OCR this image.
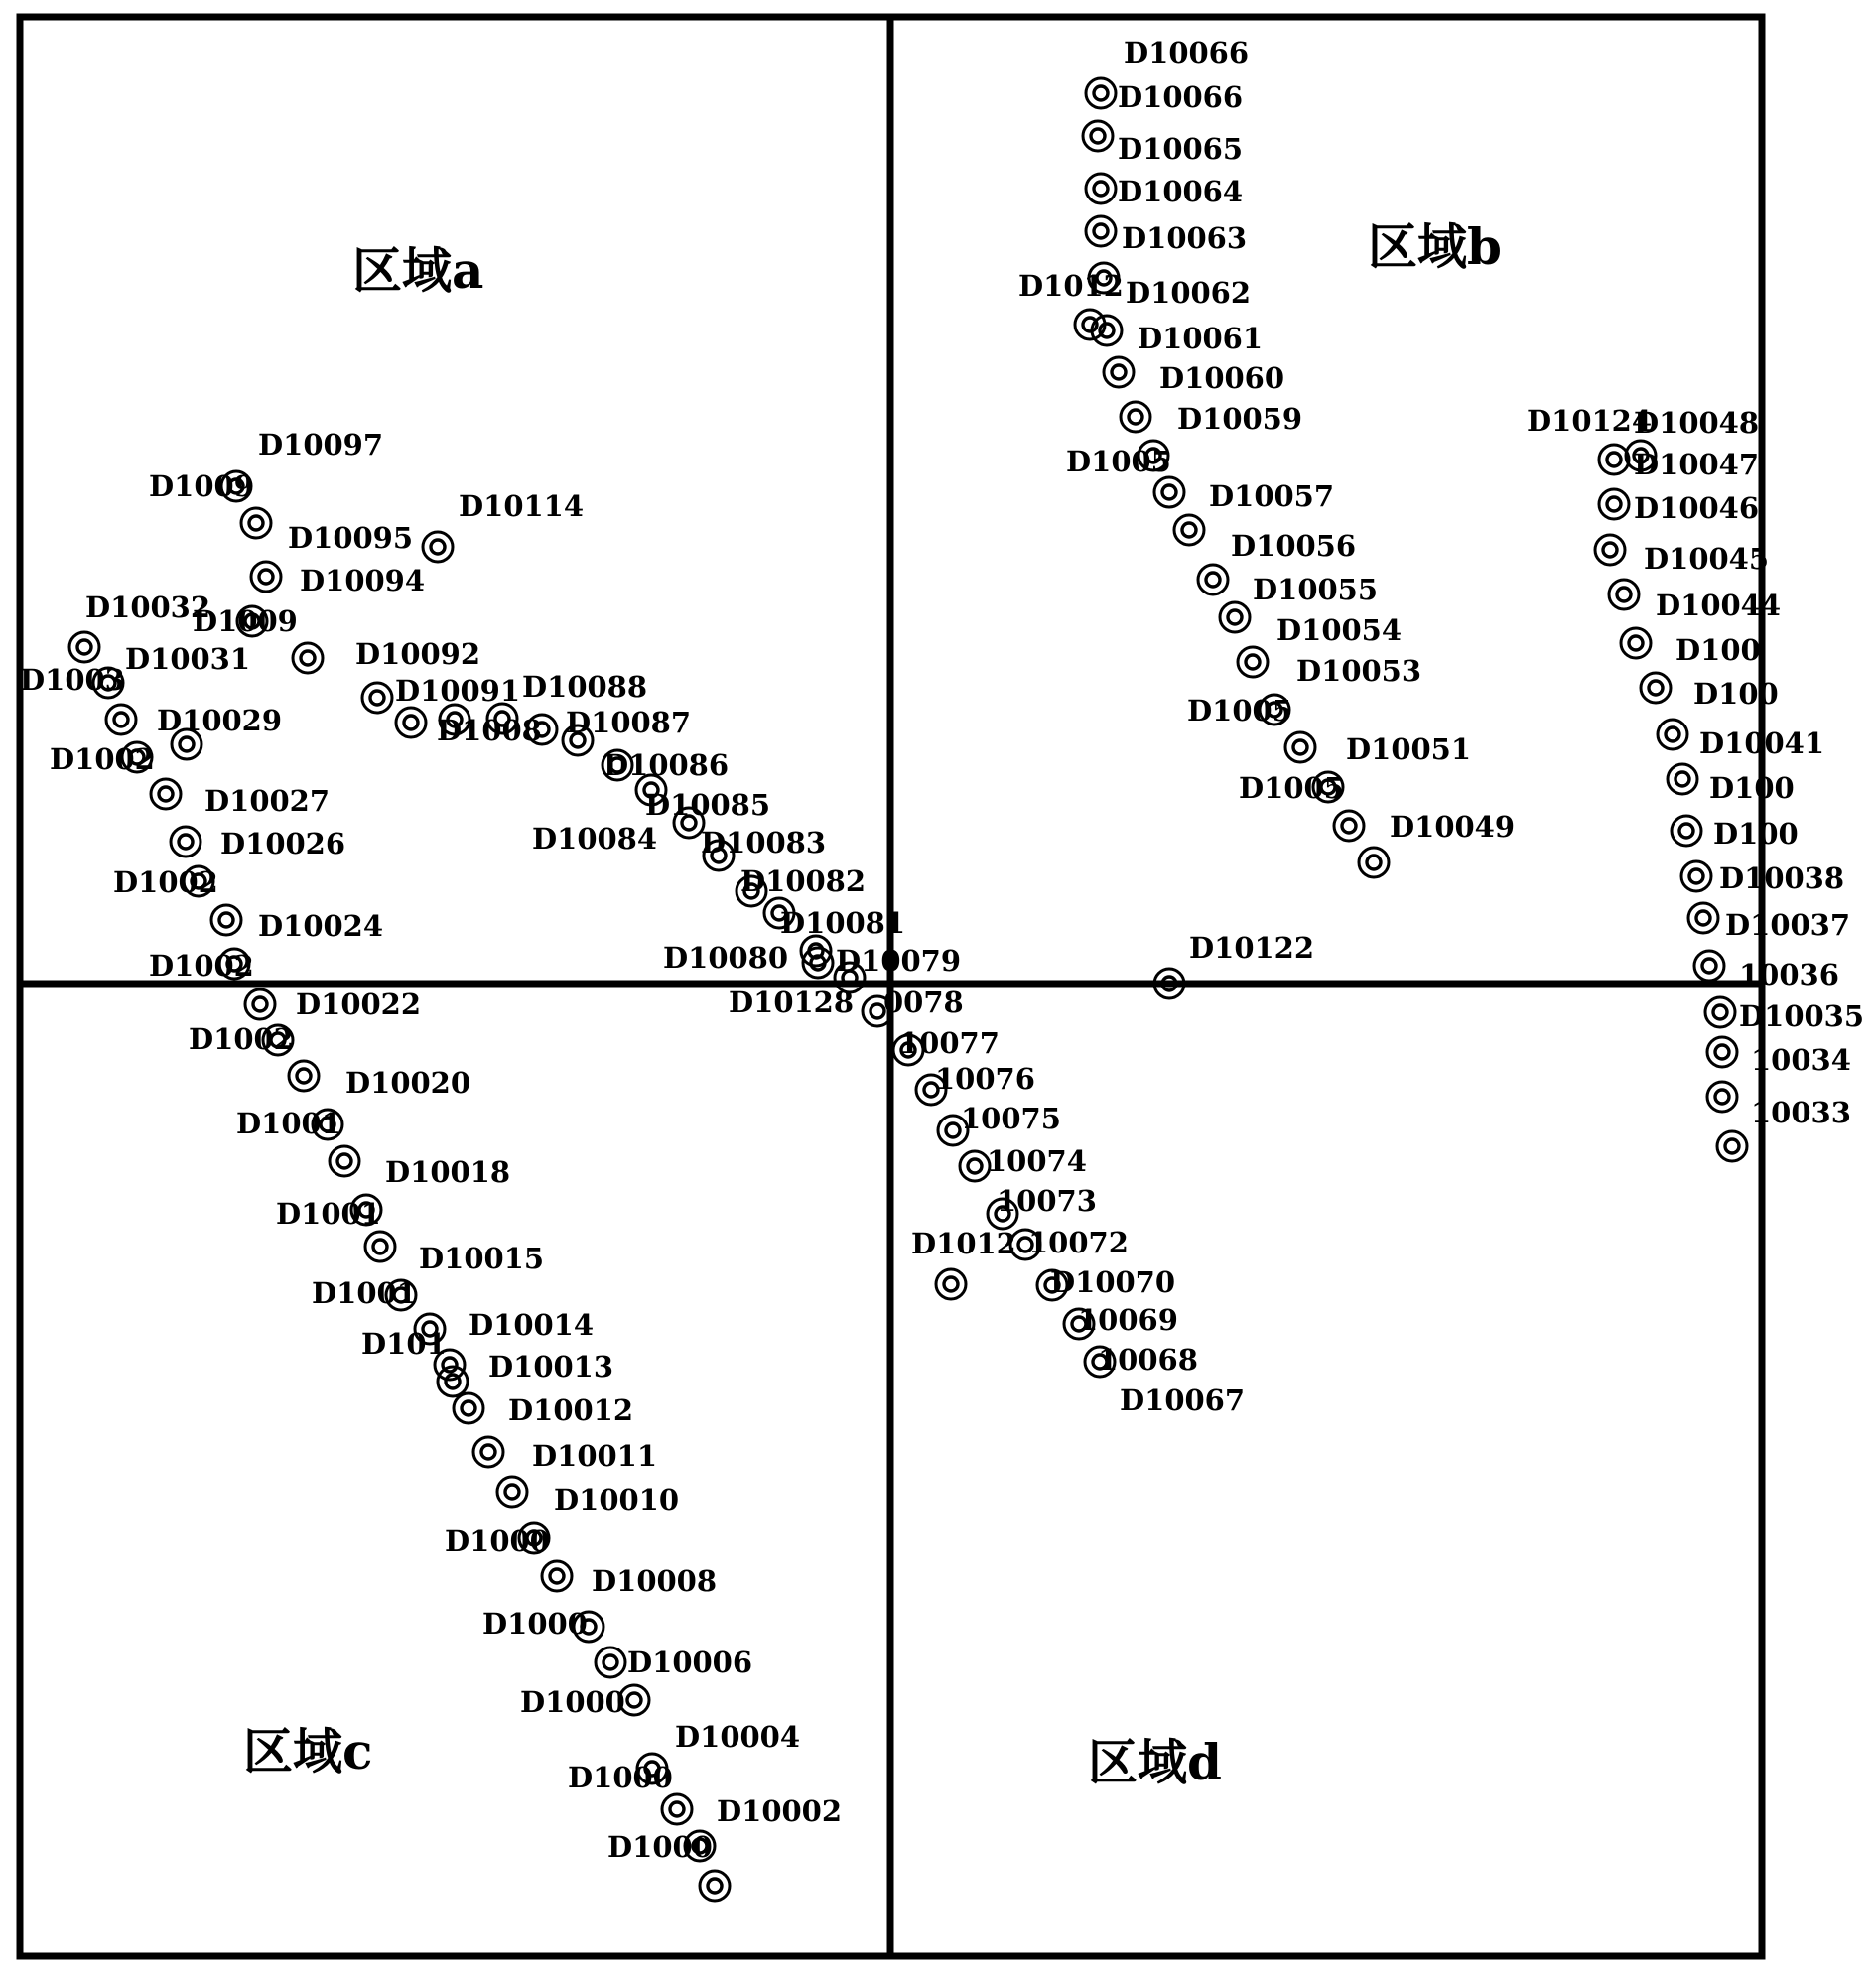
区域a	区域b
区域c	区域d
D10066
D10066
D10065
D10064
D10063
D1012 D10062
D10061
D10060
D10059
D1005
D10057
D10056
D10055
D10054
D10053
D1005
D10051
D1005
D10049
D10124
D10048
D10047
D10046
D10045
D10044
D100
D100
D10041
D100
D100
D10038
D10037
10036
D10035
10034
10033
D10097
D1009
D10095
D10094
D10114
D10032
D1009
D10031
D1003
D10092
D10091 D10088
D1008 D10087
D10029
D1002	D10086
D10027	D10085
D10026	D10084 D10083
D1002	D10082
D10024	D10081
D1002	D10080 D10079
D10128 0078
D10122
D10022
D1002
D10020
D1001
D10018
D1001
D10015
D1001
D10014
D101
D10013
D10012
D10011
D10010
D1000
D10008
D1000
D10006
D1000
D10004
D1000
D10002
D1000
10077
10076
10075
10074
10073
D1012 10072
D10070
10069
10068
D10067
